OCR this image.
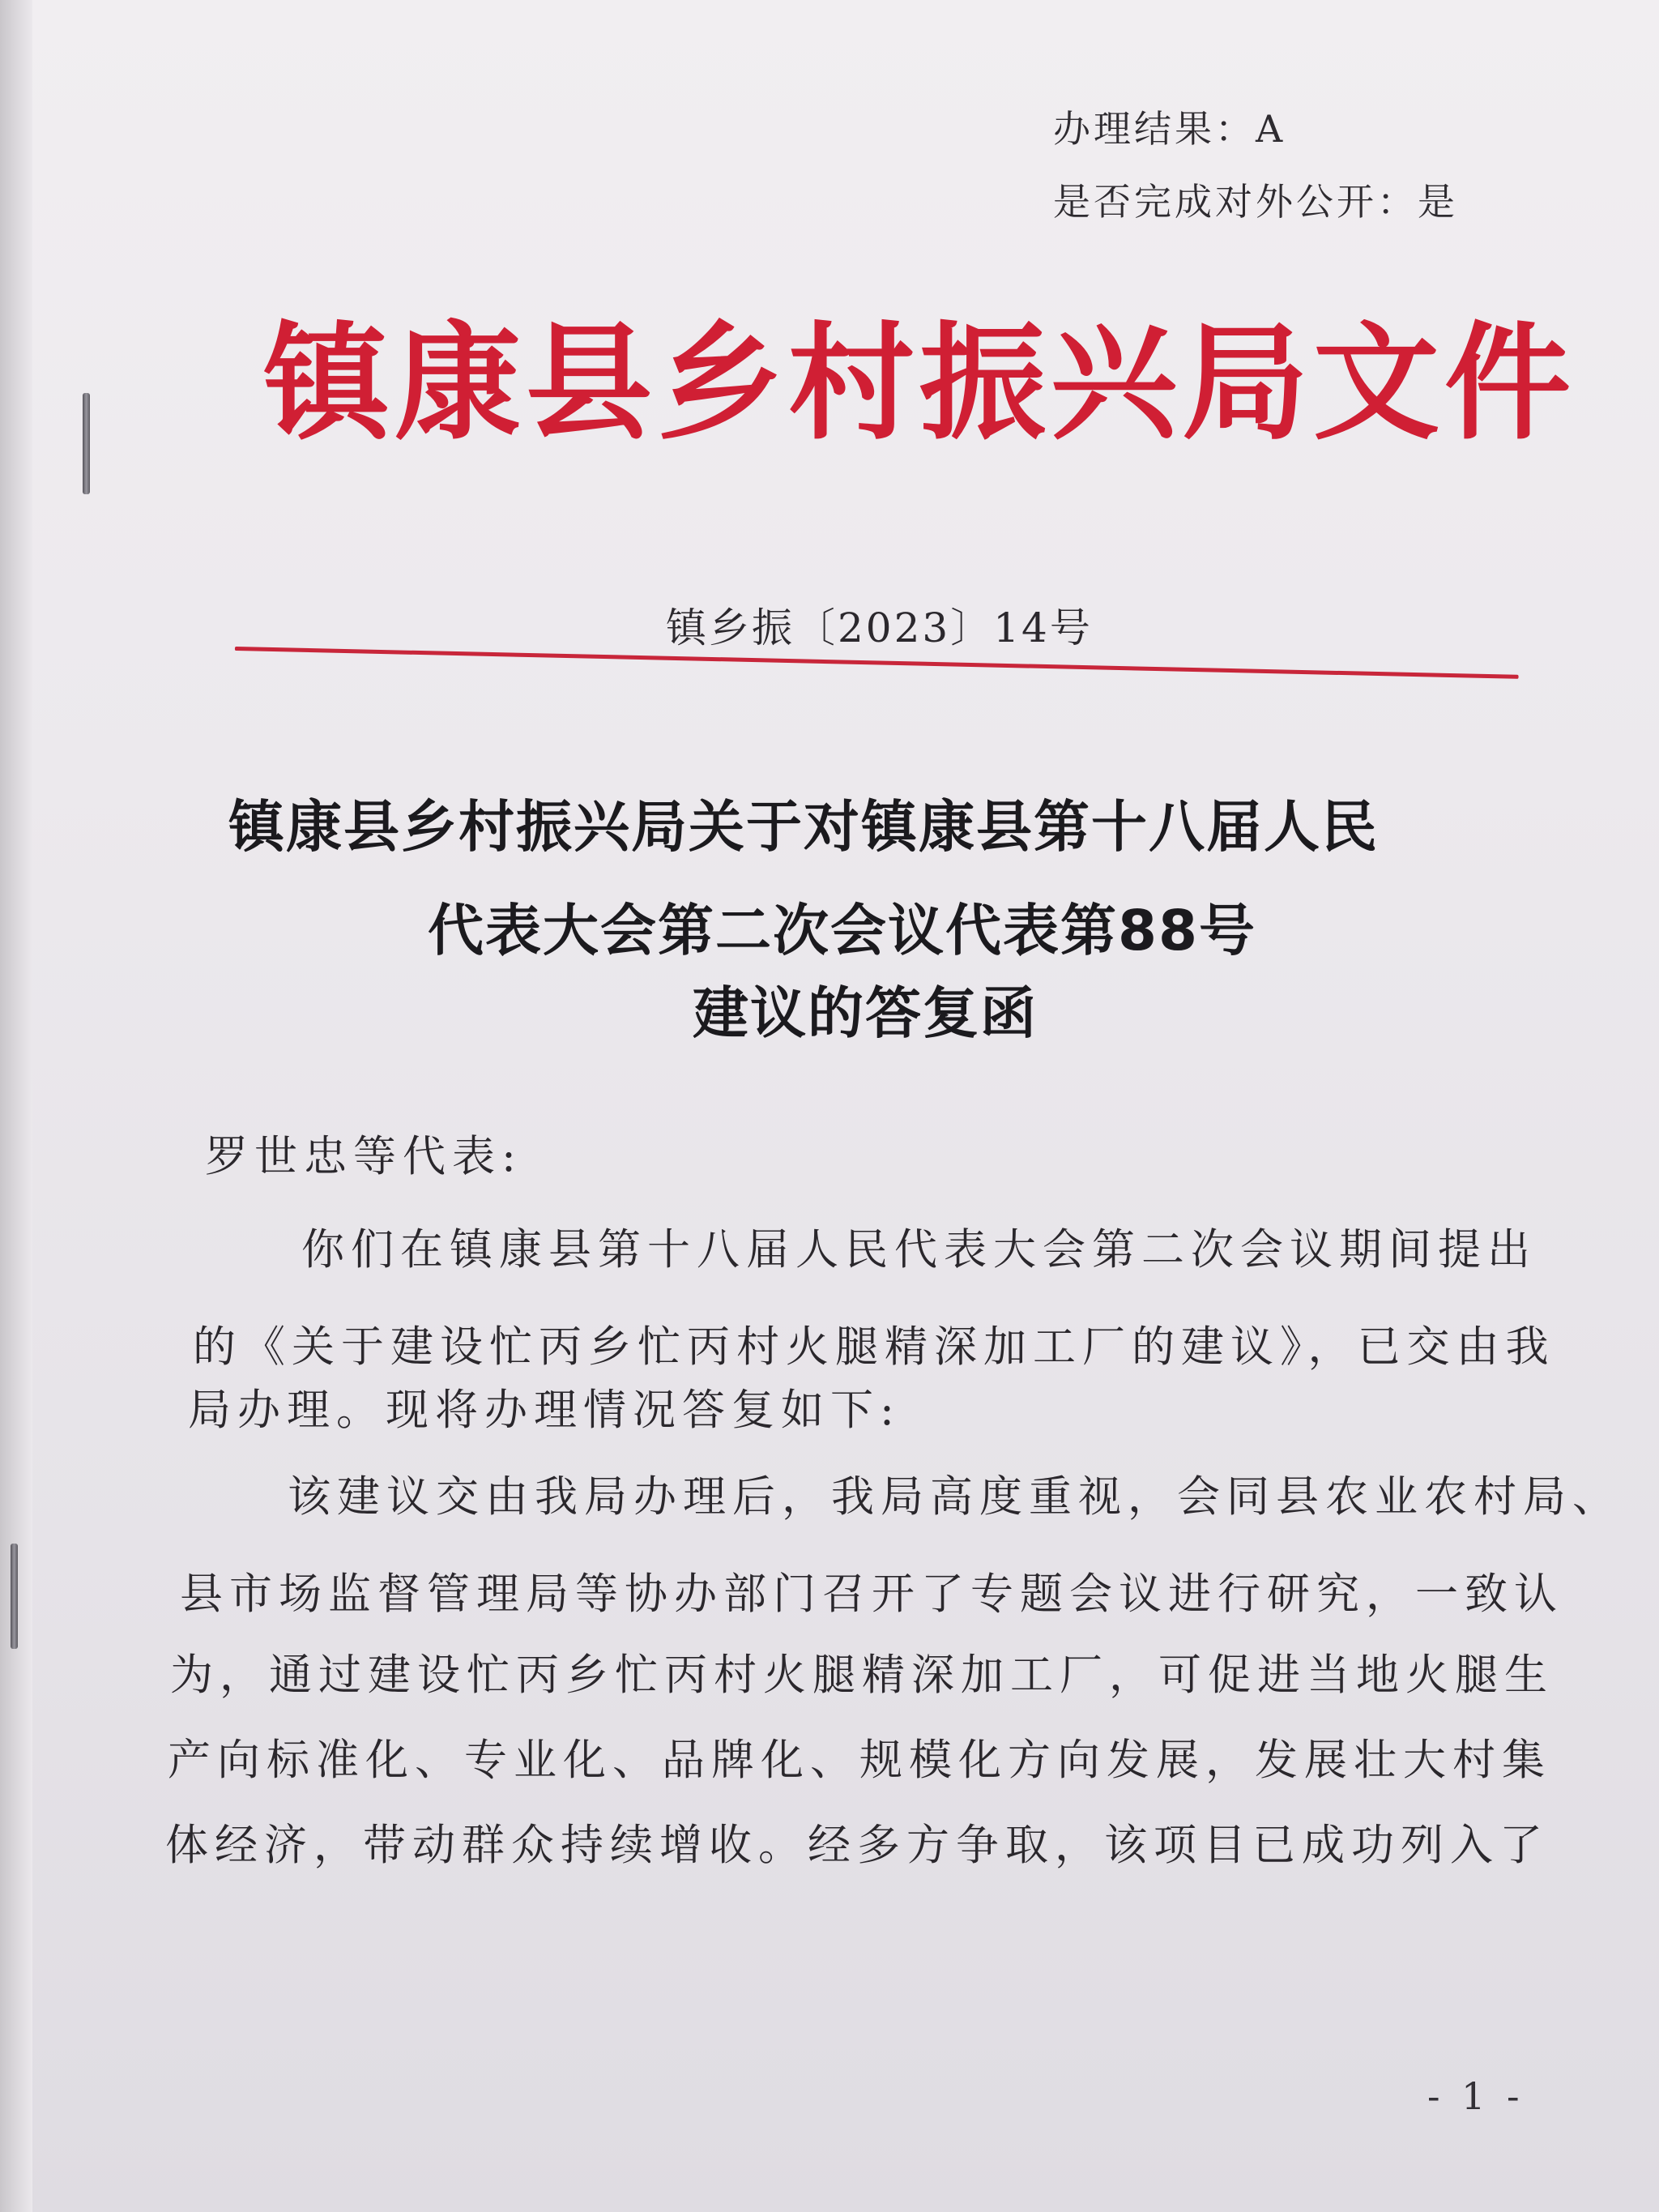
办理结果：A
是否完成对外公开：是
镇康县乡村振兴局文件
镇乡振〔2023〕14号
镇康县乡村振兴局关于对镇康县第十八届人民
代表大会第二次会议代表第88号
建议的答复函
罗世忠等代表:
你们在镇康县第十八届人民代表大会第二次会议期间提出
的《关于建设忙丙乡忙丙村火腿精深加工厂的建议》，已交由我
局办理。现将办理情况答复如下:
该建议交由我局办理后，我局高度重视，会同县农业农村局、
县市场监督管理局等协办部门召开了专题会议进行研究，一致认
为，通过建设忙丙乡忙丙村火腿精深加工厂，可促进当地火腿生
产向标准化、专业化、品牌化、规模化方向发展，发展壮大村集
体经济，带动群众持续增收。经多方争取，该项目已成功列入了
- 1 -
